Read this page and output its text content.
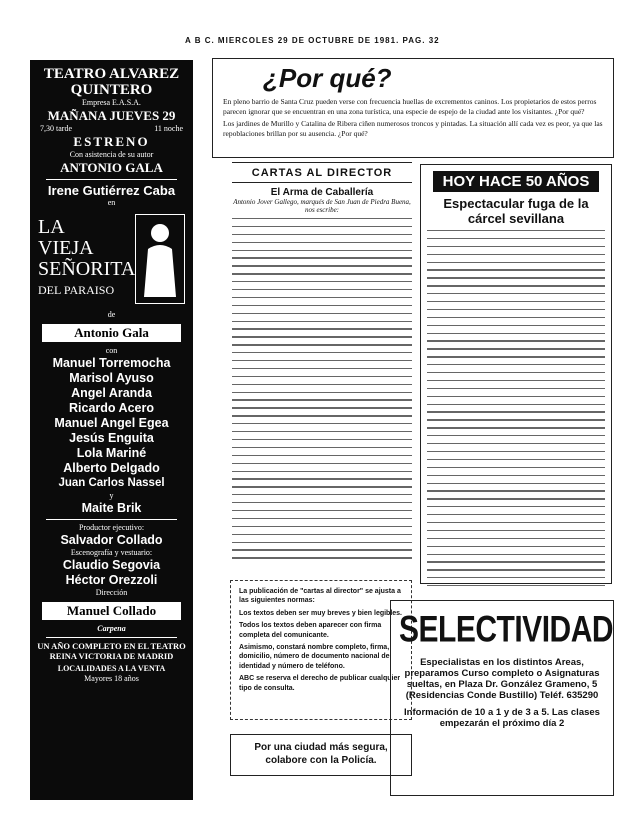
A B C. MIERCOLES 29 DE OCTUBRE DE 1981. PAG. 32
TEATRO ALVAREZ QUINTERO
Empresa E.A.S.A.
MAÑANA JUEVES 29
7,30 tarde	11 noche
ESTRENO
Con asistencia de su autor
ANTONIO GALA
Irene Gutiérrez Caba
en
LA
VIEJA
SEÑORITA
DEL PARAISO
de
Antonio Gala
con
Manuel Torremocha
Marisol Ayuso
Angel Aranda
Ricardo Acero
Manuel Angel Egea
Jesús Enguita
Lola Mariné
Alberto Delgado
Juan Carlos Nassel
y
Maite Brik
Productor ejecutivo:
Salvador Collado
Escenografía y vestuario:
Claudio Segovia
Héctor Orezzoli
Dirección
Manuel Collado
Carpena
UN AÑO COMPLETO EN EL TEATRO REINA VICTORIA DE MADRID
LOCALIDADES A LA VENTA
Mayores 18 años
¿Por qué?

En pleno barrio de Santa Cruz pueden verse con frecuencia huellas de excrementos caninos. Los propietarios de estos perros parecen ignorar que se encuentran en una zona turística, una especie de espejo de la ciudad ante los visitantes. ¿Por qué?

Los jardines de Murillo y Catalina de Ribera ciñen numerosos troncos y pintadas. La situación allí cada vez es peor, ya que las repoblaciones brillan por su ausencia. ¿Por qué?

CARTAS AL DIRECTOR
El Arma de Caballería
Antonio Jover Gallego, marqués de San Juan de Piedra Buena, nos escribe:

La publicación de "cartas al director" se ajusta a las siguientes normas:

Los textos deben ser muy breves y bien legibles.

Todos los textos deben aparecer con firma completa del comunicante.

Asimismo, constará nombre completo, firma, domicilio, número de documento nacional de identidad y número de teléfono.

ABC se reserva el derecho de publicar cualquier tipo de consulta.

Por una ciudad más segura,
colabore con la Policía.
HOY HACE 50 AÑOS
Espectacular fuga de la cárcel sevillana
SELECTIVIDAD

Especialistas en los distintos Areas, preparamos Curso completo o Asignaturas sueltas, en Plaza Dr. González Grameno, 5 (Residencias Conde Bustillo) Teléf. 635290

Información de 10 a 1 y de 3 a 5. Las clases empezarán el próximo día 2
